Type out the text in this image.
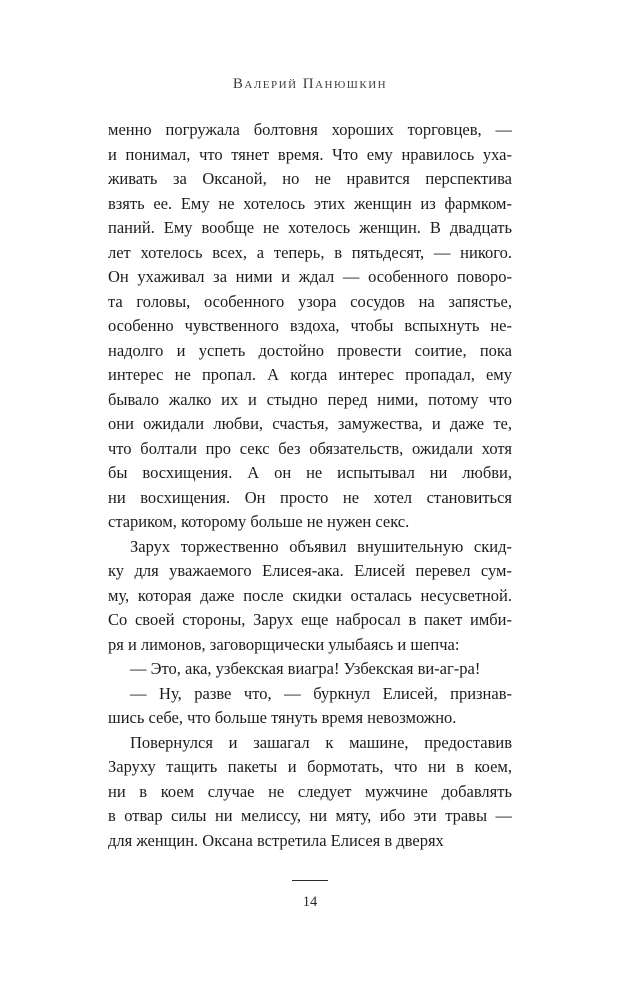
Валерий Панюшкин
менно погружала болтовня хороших торговцев, —
и понимал, что тянет время. Что ему нравилось уха-
живать за Оксаной, но не нравится перспектива
взять ее. Ему не хотелось этих женщин из фармком-
паний. Ему вообще не хотелось женщин. В двадцать
лет хотелось всех, а теперь, в пятьдесят, — никого.
Он ухаживал за ними и ждал — особенного поворо-
та головы, особенного узора сосудов на запястье,
особенно чувственного вздоха, чтобы вспыхнуть не-
надолго и успеть достойно провести соитие, пока
интерес не пропал. А когда интерес пропадал, ему
бывало жалко их и стыдно перед ними, потому что
они ожидали любви, счастья, замужества, и даже те,
что болтали про секс без обязательств, ожидали хотя
бы восхищения. А он не испытывал ни любви,
ни восхищения. Он просто не хотел становиться
стариком, которому больше не нужен секс.
Зарух торжественно объявил внушительную скид-
ку для уважаемого Елисея-ака. Елисей перевел сум-
му, которая даже после скидки осталась несусветной.
Со своей стороны, Зарух еще набросал в пакет имби-
ря и лимонов, заговорщически улыбаясь и шепча:
— Это, ака, узбекская виагра! Узбекская ви-аг-ра!
— Ну, разве что, — буркнул Елисей, признав-
шись себе, что больше тянуть время невозможно.
Повернулся и зашагал к машине, предоставив
Заруху тащить пакеты и бормотать, что ни в коем,
ни в коем случае не следует мужчине добавлять
в отвар силы ни мелиссу, ни мяту, ибо эти травы —
для женщин. Оксана встретила Елисея в дверях
14
